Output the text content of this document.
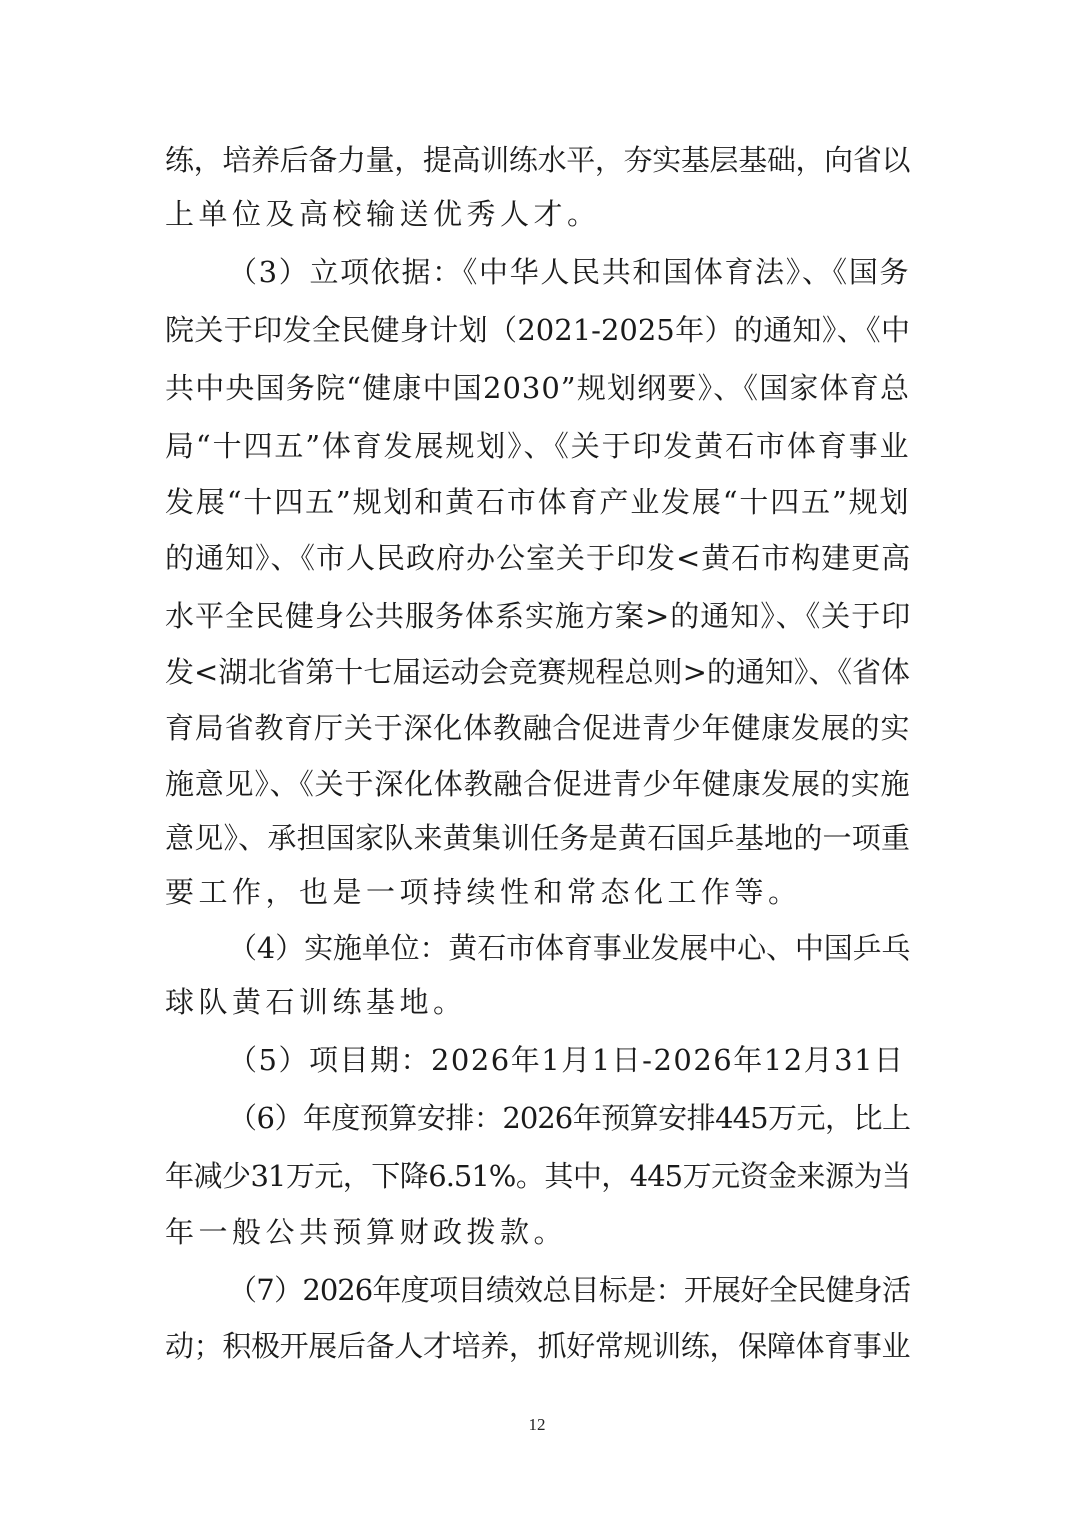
练，培养后备力量，提高训练水平，夯实基层基础，向省以
上单位及高校输送优秀人才。
（3）立项依据：《中华人民共和国体育法》、《国务
院关于印发全民健身计划（2021-2025年）的通知》、《中
共中央国务院“健康中国2030”规划纲要》、《国家体育总
局“十四五”体育发展规划》、《关于印发黄石市体育事业
发展“十四五”规划和黄石市体育产业发展“十四五”规划
的通知》、《市人民政府办公室关于印发<黄石市构建更高
水平全民健身公共服务体系实施方案>的通知》、《关于印
发<湖北省第十七届运动会竞赛规程总则>的通知》、《省体
育局省教育厅关于深化体教融合促进青少年健康发展的实
施意见》、《关于深化体教融合促进青少年健康发展的实施
意见》、承担国家队来黄集训任务是黄石国乒基地的一项重
要工作，也是一项持续性和常态化工作等。
（4）实施单位：黄石市体育事业发展中心、中国乒乓
球队黄石训练基地。
（5）项目期：2026年1月1日-2026年12月31日
（6）年度预算安排：2026年预算安排445万元，比上
年减少31万元，下降6.51%。其中，445万元资金来源为当
年一般公共预算财政拨款。
（7）2026年度项目绩效总目标是：开展好全民健身活
动；积极开展后备人才培养，抓好常规训练，保障体育事业
12
